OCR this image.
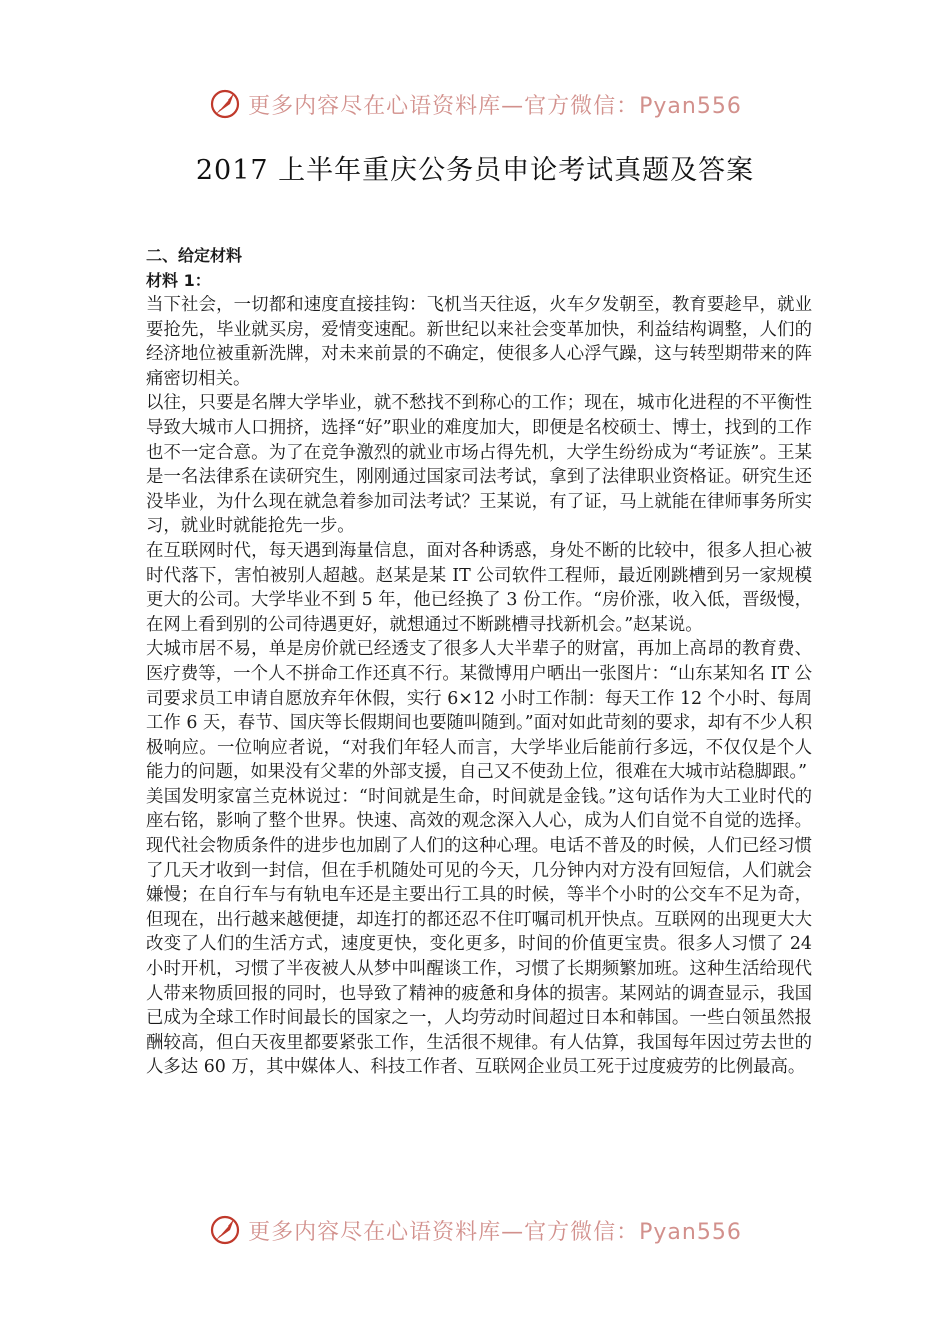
更多内容尽在心语资料库—官方微信：Pyan556
2017 上半年重庆公务员申论考试真题及答案

二、给定材料

材料 1：

当下社会，一切都和速度直接挂钩：飞机当天往返，火车夕发朝至，教育要趁早，就业要抢先，毕业就买房，爱情变速配。新世纪以来社会变革加快，利益结构调整，人们的经济地位被重新洗牌，对未来前景的不确定，使很多人心浮气躁，这与转型期带来的阵痛密切相关。

以往，只要是名牌大学毕业，就不愁找不到称心的工作；现在，城市化进程的不平衡性导致大城市人口拥挤，选择“好”职业的难度加大，即便是名校硕士、博士，找到的工作也不一定合意。为了在竞争激烈的就业市场占得先机，大学生纷纷成为“考证族”。王某是一名法律系在读研究生，刚刚通过国家司法考试，拿到了法律职业资格证。研究生还没毕业，为什么现在就急着参加司法考试？王某说，有了证，马上就能在律师事务所实习，就业时就能抢先一步。

在互联网时代，每天遇到海量信息，面对各种诱惑，身处不断的比较中，很多人担心被时代落下，害怕被别人超越。赵某是某 IT 公司软件工程师，最近刚跳槽到另一家规模更大的公司。大学毕业不到 5 年，他已经换了 3 份工作。“房价涨，收入低，晋级慢，在网上看到别的公司待遇更好，就想通过不断跳槽寻找新机会。”赵某说。

大城市居不易，单是房价就已经透支了很多人大半辈子的财富，再加上高昂的教育费、医疗费等，一个人不拼命工作还真不行。某微博用户晒出一张图片：“山东某知名 IT 公司要求员工申请自愿放弃年休假，实行 6×12 小时工作制：每天工作 12 个小时、每周工作 6 天，春节、国庆等长假期间也要随叫随到。”面对如此苛刻的要求，却有不少人积极响应。一位响应者说，“对我们年轻人而言，大学毕业后能前行多远，不仅仅是个人能力的问题，如果没有父辈的外部支援，自己又不使劲上位，很难在大城市站稳脚跟。”

美国发明家富兰克林说过：“时间就是生命，时间就是金钱。”这句话作为大工业时代的座右铭，影响了整个世界。快速、高效的观念深入人心，成为人们自觉不自觉的选择。现代社会物质条件的进步也加剧了人们的这种心理。电话不普及的时候，人们已经习惯了几天才收到一封信，但在手机随处可见的今天，几分钟内对方没有回短信，人们就会嫌慢；在自行车与有轨电车还是主要出行工具的时候，等半个小时的公交车不足为奇，但现在，出行越来越便捷，却连打的都还忍不住叮嘱司机开快点。互联网的出现更大大改变了人们的生活方式，速度更快，变化更多，时间的价值更宝贵。很多人习惯了 24 小时开机，习惯了半夜被人从梦中叫醒谈工作，习惯了长期频繁加班。这种生活给现代人带来物质回报的同时，也导致了精神的疲惫和身体的损害。某网站的调查显示，我国已成为全球工作时间最长的国家之一，人均劳动时间超过日本和韩国。一些白领虽然报酬较高，但白天夜里都要紧张工作，生活很不规律。有人估算，我国每年因过劳去世的人多达 60 万，其中媒体人、科技工作者、互联网企业员工死于过度疲劳的比例最高。

更多内容尽在心语资料库—官方微信：Pyan556
